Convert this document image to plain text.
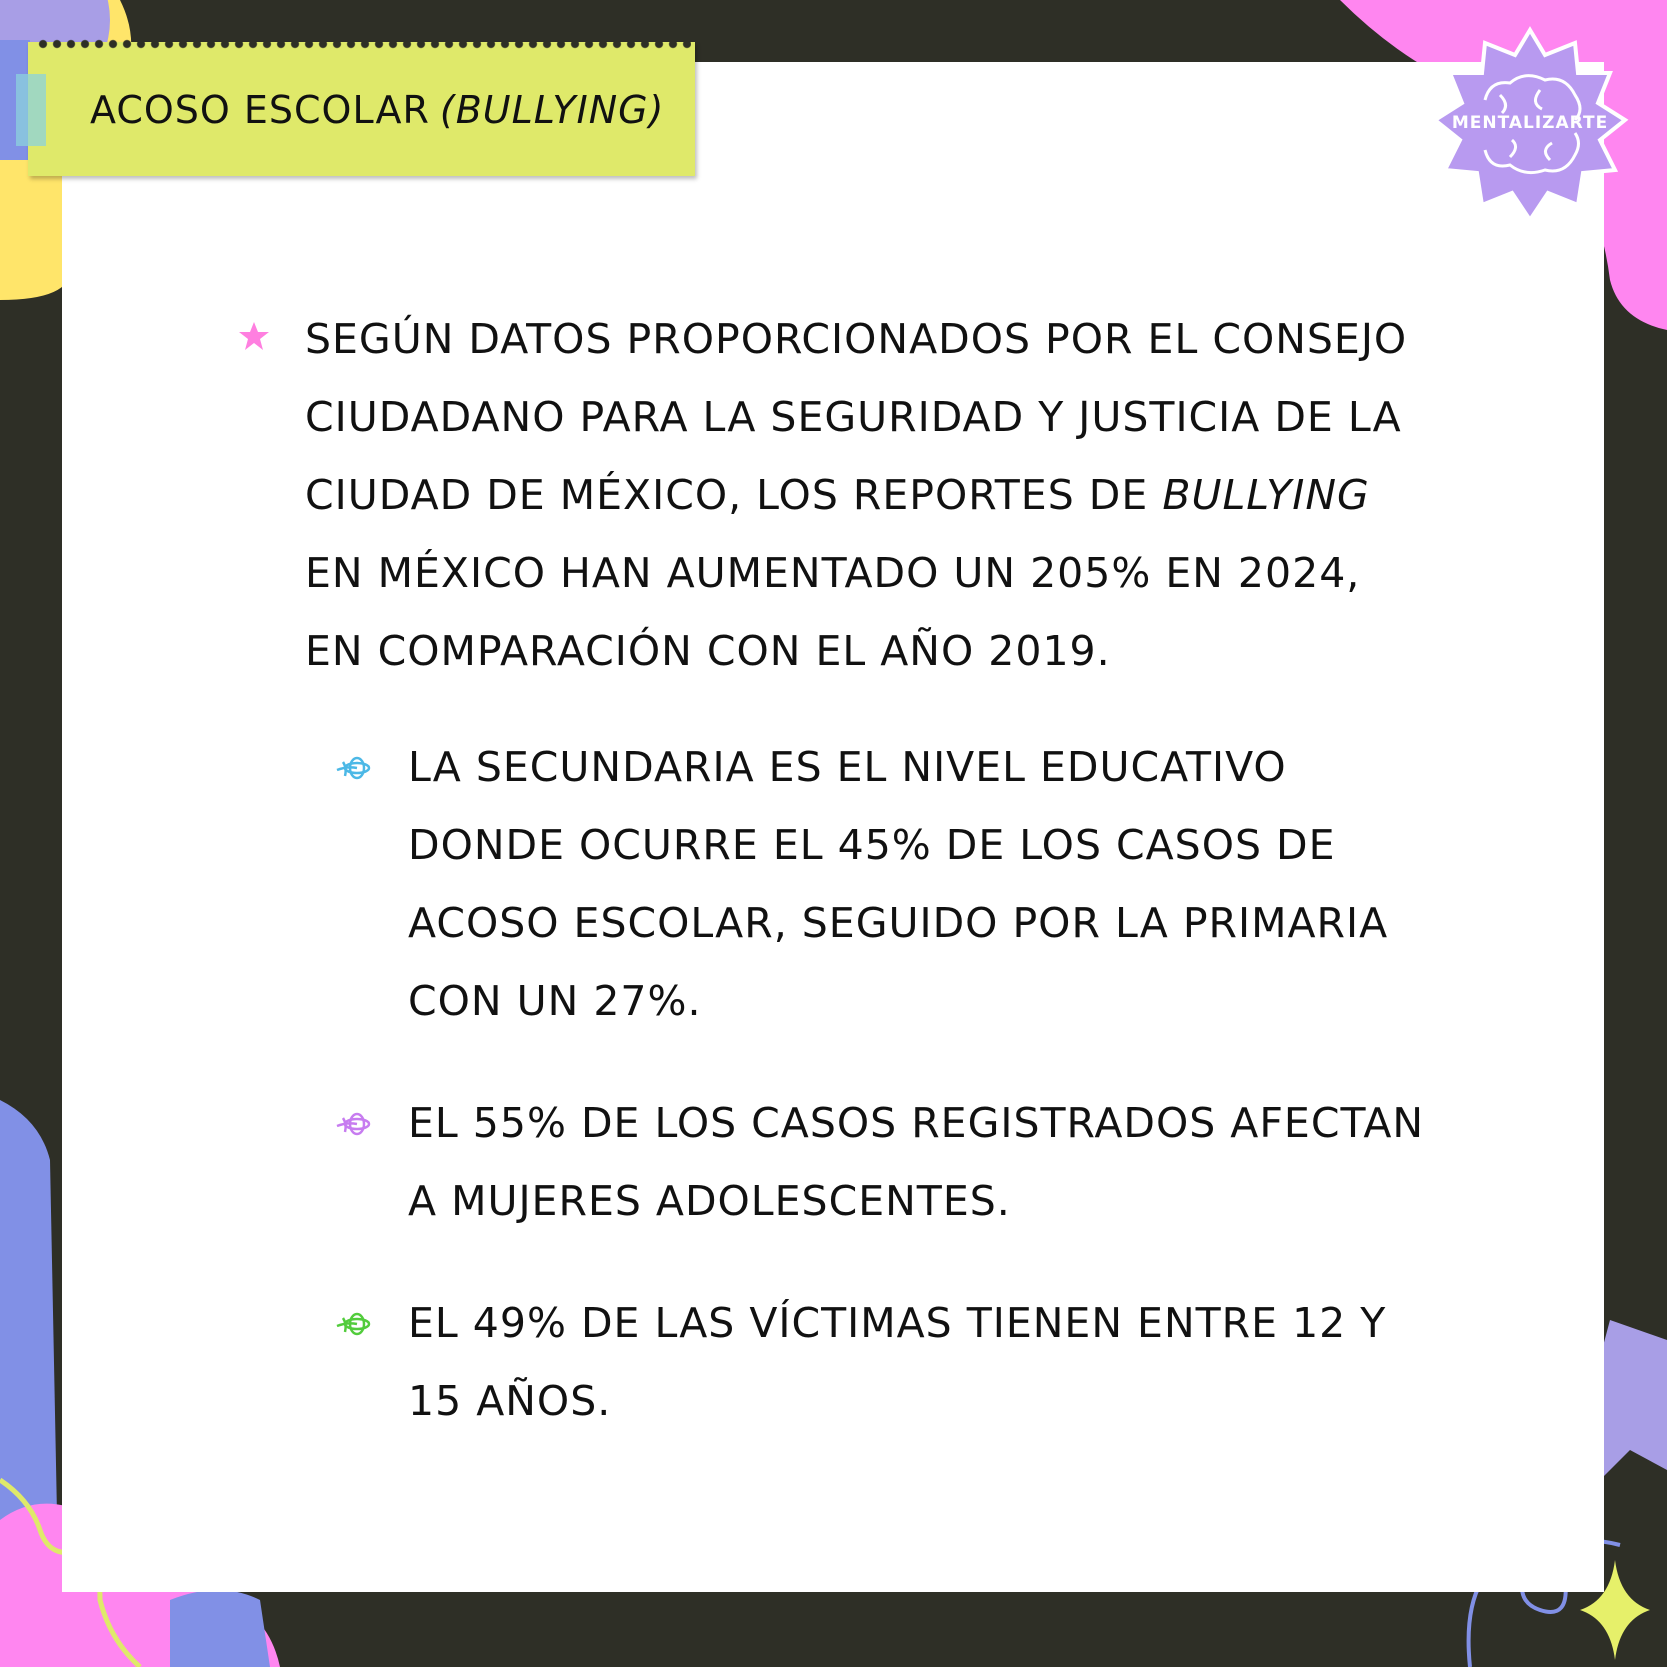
ACOSO ESCOLAR (BULLYING)	MENTALIZARTE
SEGÚN DATOS PROPORCIONADOS POR EL CONSEJO CIUDADANO PARA LA SEGURIDAD Y JUSTICIA DE LA CIUDAD DE MÉXICO, LOS REPORTES DE BULLYING EN MÉXICO HAN AUMENTADO UN 205% EN 2024, EN COMPARACIÓN CON EL AÑO 2019.
LA SECUNDARIA ES EL NIVEL EDUCATIVO DONDE OCURRE EL 45% DE LOS CASOS DE ACOSO ESCOLAR, SEGUIDO POR LA PRIMARIA CON UN 27%.
EL 55% DE LOS CASOS REGISTRADOS AFECTAN A MUJERES ADOLESCENTES.
EL 49% DE LAS VÍCTIMAS TIENEN ENTRE 12 Y 15 AÑOS.
